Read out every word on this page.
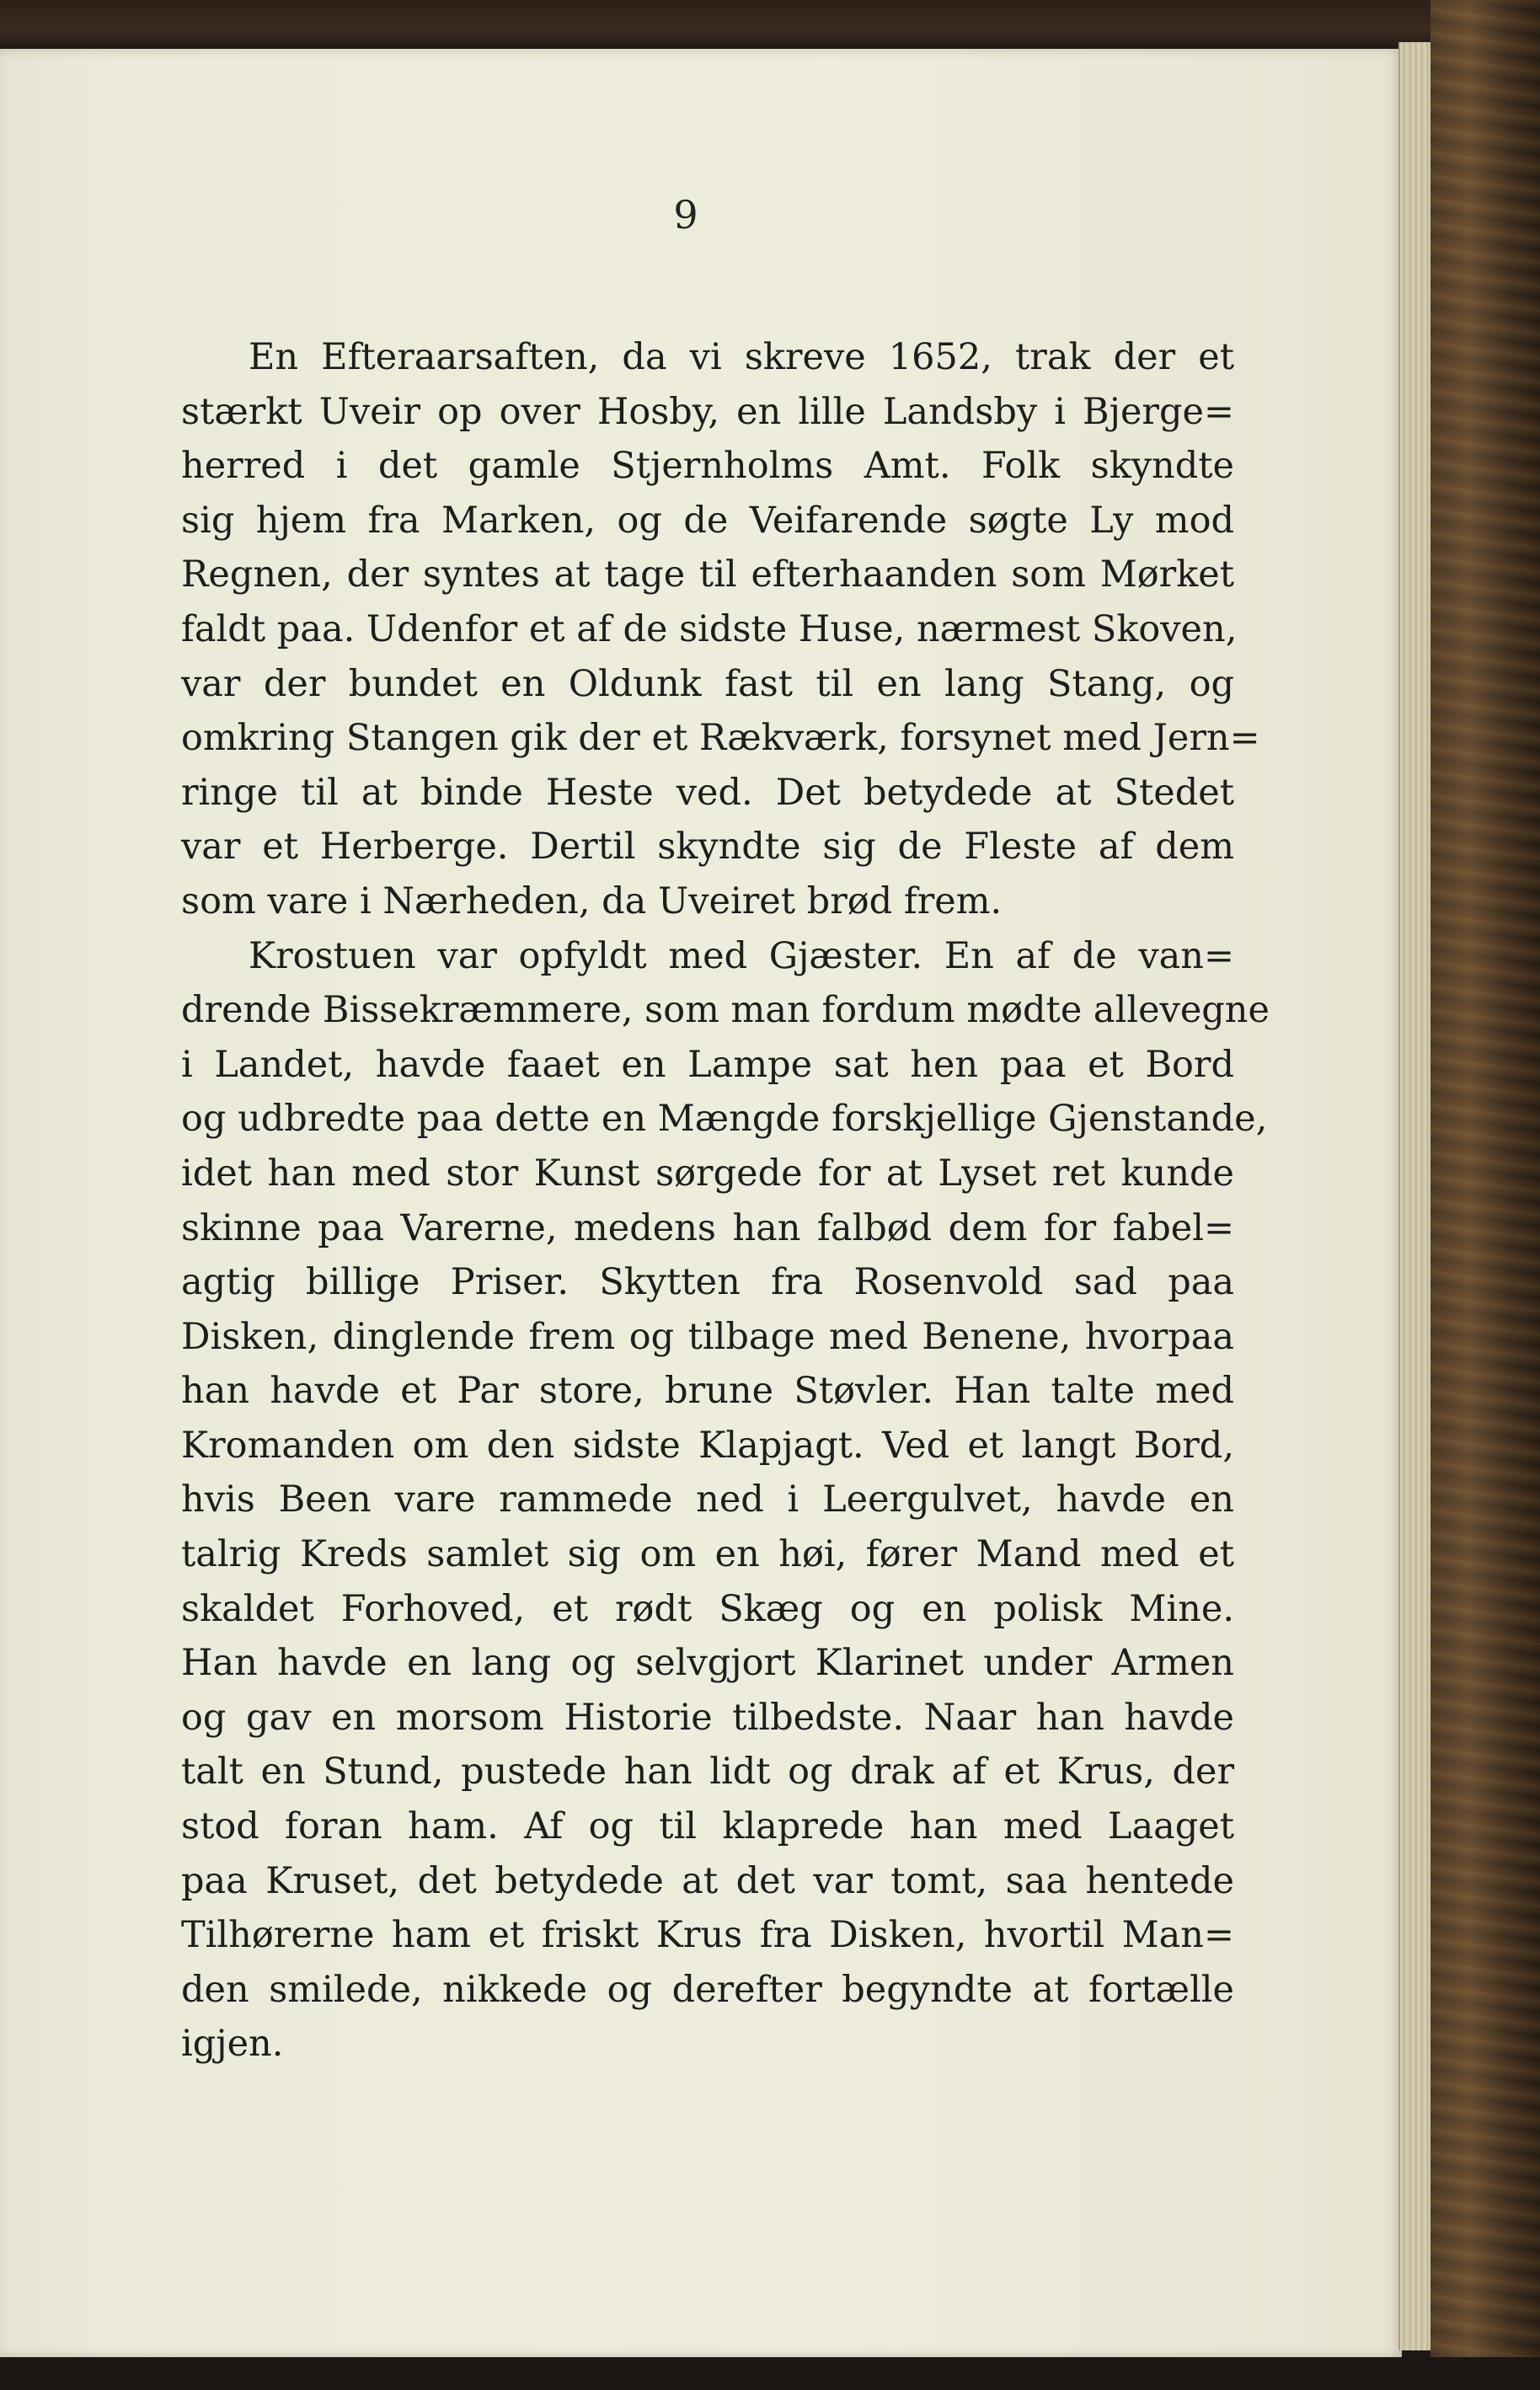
9
En Efteraarsaften, da vi skreve 1652, trak der et
stærkt Uveir op over Hosby, en lille Landsby i Bjerge=
herred i det gamle Stjernholms Amt. Folk skyndte
sig hjem fra Marken, og de Veifarende søgte Ly mod
Regnen, der syntes at tage til efterhaanden som Mørket
faldt paa. Udenfor et af de sidste Huse, nærmest Skoven,
var der bundet en Oldunk fast til en lang Stang, og
omkring Stangen gik der et Rækværk, forsynet med Jern=
ringe til at binde Heste ved. Det betydede at Stedet
var et Herberge. Dertil skyndte sig de Fleste af dem
som vare i Nærheden, da Uveiret brød frem.
Krostuen var opfyldt med Gjæster. En af de van=
drende Bissekræmmere, som man fordum mødte allevegne
i Landet, havde faaet en Lampe sat hen paa et Bord
og udbredte paa dette en Mængde forskjellige Gjenstande,
idet han med stor Kunst sørgede for at Lyset ret kunde
skinne paa Varerne, medens han falbød dem for fabel=
agtig billige Priser. Skytten fra Rosenvold sad paa
Disken, dinglende frem og tilbage med Benene, hvorpaa
han havde et Par store, brune Støvler. Han talte med
Kromanden om den sidste Klapjagt. Ved et langt Bord,
hvis Been vare rammede ned i Leergulvet, havde en
talrig Kreds samlet sig om en høi, fører Mand med et
skaldet Forhoved, et rødt Skæg og en polisk Mine.
Han havde en lang og selvgjort Klarinet under Armen
og gav en morsom Historie tilbedste. Naar han havde
talt en Stund, pustede han lidt og drak af et Krus, der
stod foran ham. Af og til klaprede han med Laaget
paa Kruset, det betydede at det var tomt, saa hentede
Tilhørerne ham et friskt Krus fra Disken, hvortil Man=
den smilede, nikkede og derefter begyndte at fortælle
igjen.
